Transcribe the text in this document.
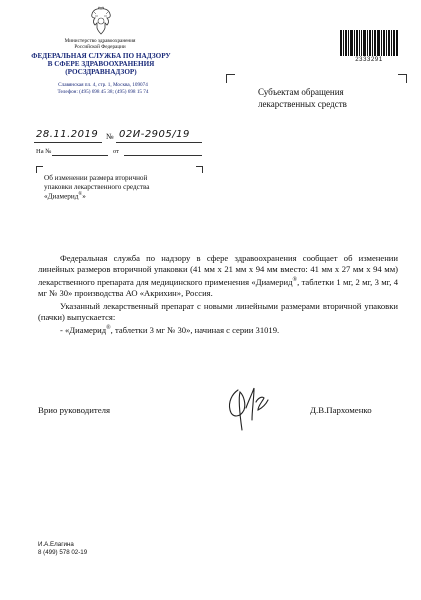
Министерство здравоохранения
Российской Федерации
ФЕДЕРАЛЬНАЯ СЛУЖБА ПО НАДЗОРУ
В СФЕРЕ ЗДРАВООХРАНЕНИЯ
(РОСЗДРАВНАДЗОР)
Славянская пл. 4, стр. 1, Москва, 109074
Телефон: (495) 698 45 38; (495) 698 15 74
2333291
Субъектам обращения
лекарственных средств
28.11.2019 № 02И-2905/19
На №	от
Об изменении размера вторичной
упаковки лекарственного средства
«Диамерид®»

Федеральная служба по надзору в сфере здравоохранения сообщает об изменении линейных размеров вторичной упаковки (41 мм х 21 мм х 94 мм вместо: 41 мм х 27 мм х 94 мм) лекарственного препарата для медицинского применения «Диамерид®, таблетки 1 мг, 2 мг, 3 мг, 4 мг № 30» производства АО «Акрихин», Россия.

Указанный лекарственный препарат с новыми линейными размерами вторичной упаковки (пачки) выпускается:

- «Диамерид®, таблетки 3 мг № 30», начиная с серии 31019.

Врио руководителя	Д.В.Пархоменко
И.А.Елагина
8 (499) 578 02-19
